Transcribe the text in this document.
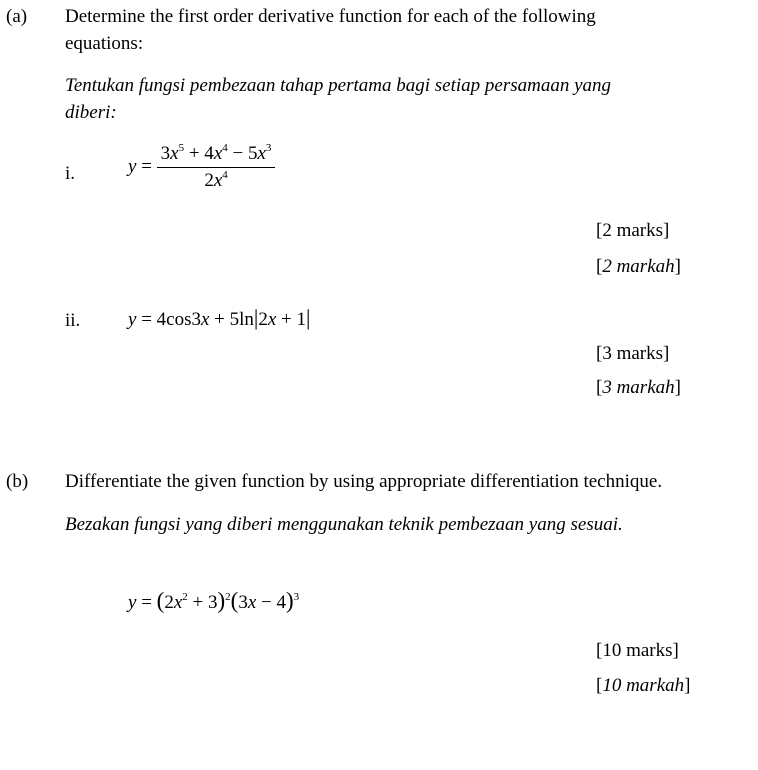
(a) Determine the first order derivative function for each of the following
equations:
Tentukan fungsi pembezaan tahap pertama bagi setiap persamaan yang
diberi:
i.	$y = \frac{3x^5 + 4x^4 - 5x^3}{2x^4}$
[2 marks]
[2 markah]
ii.	y = 4cos3x + 5ln|2x + 1|
[3 marks]
[3 markah]
(b) Differentiate the given function by using appropriate differentiation technique.
Bezakan fungsi yang diberi menggunakan teknik pembezaan yang sesuai.
$y = (2x^2 + 3)^2(3x - 4)^3$
[10 marks]
[10 markah]
